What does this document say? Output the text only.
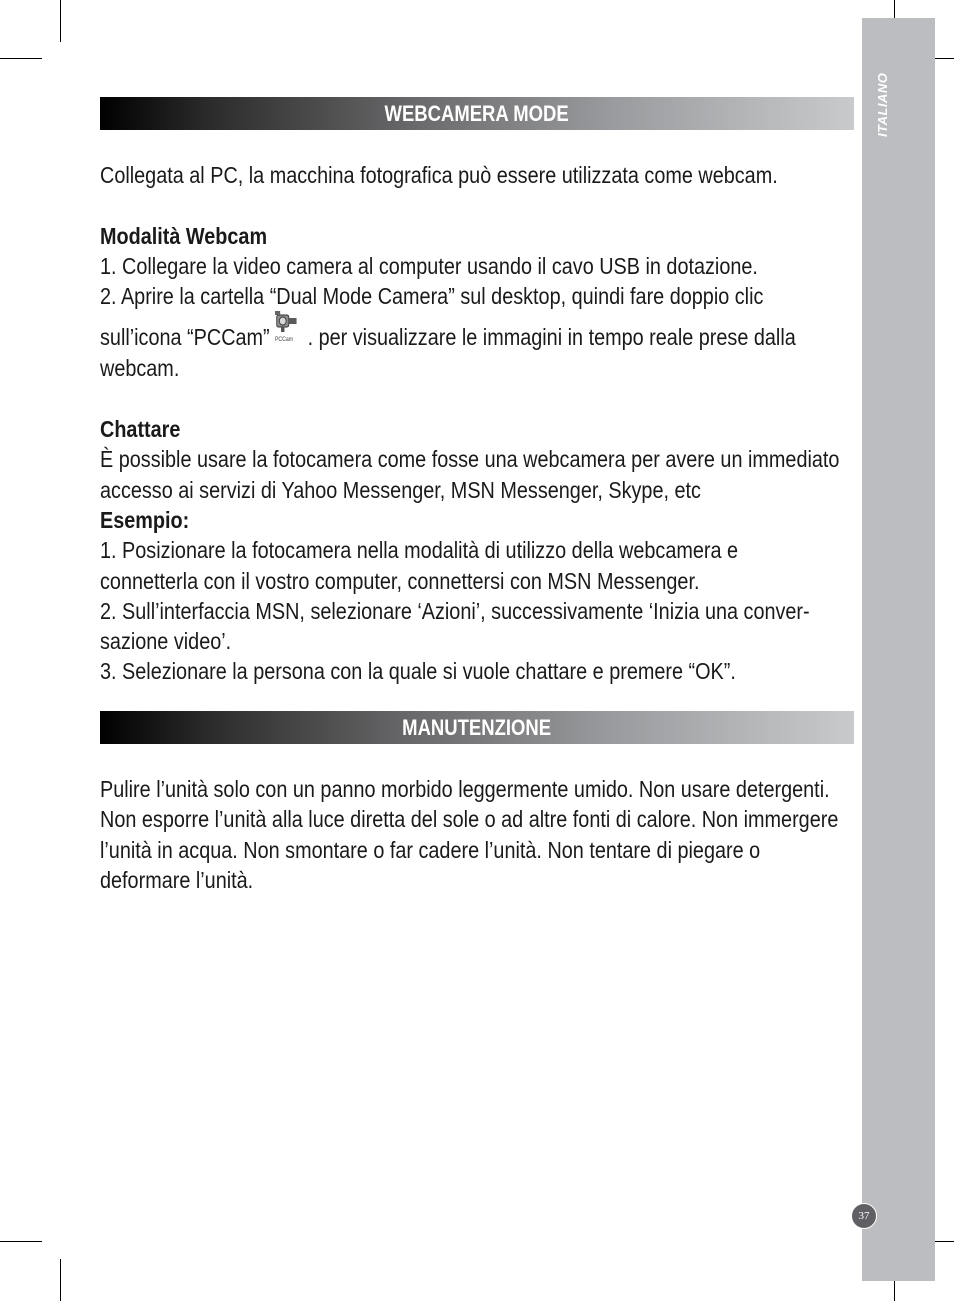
ITALIANO
37
WEBCAMERA MODE
Collegata al PC, la macchina fotografica può essere utilizzata come webcam.
Modalità Webcam
1. Collegare la video camera al computer usando il cavo USB in dotazione.
2. Aprire la cartella “Dual Mode Camera” sul desktop, quindi fare doppio clic
sull’icona “PCCam” PCCam . per visualizzare le immagini in tempo reale prese dalla
webcam.
Chattare
È possible usare la fotocamera come fosse una webcamera per avere un immediato
accesso ai servizi di Yahoo Messenger, MSN Messenger, Skype, etc
Esempio:
1. Posizionare la fotocamera nella modalità di utilizzo della webcamera e
connetterla con il vostro computer, connettersi con MSN Messenger.
2. Sull’interfaccia MSN, selezionare ‘Azioni’, successivamente ‘Inizia una conver-
sazione video’.
3. Selezionare la persona con la quale si vuole chattare e premere “OK”.
MANUTENZIONE
Pulire l’unità solo con un panno morbido leggermente umido. Non usare detergenti.
Non esporre l’unità alla luce diretta del sole o ad altre fonti di calore. Non immergere
l’unità in acqua. Non smontare o far cadere l’unità. Non tentare di piegare o
deformare l’unità.
